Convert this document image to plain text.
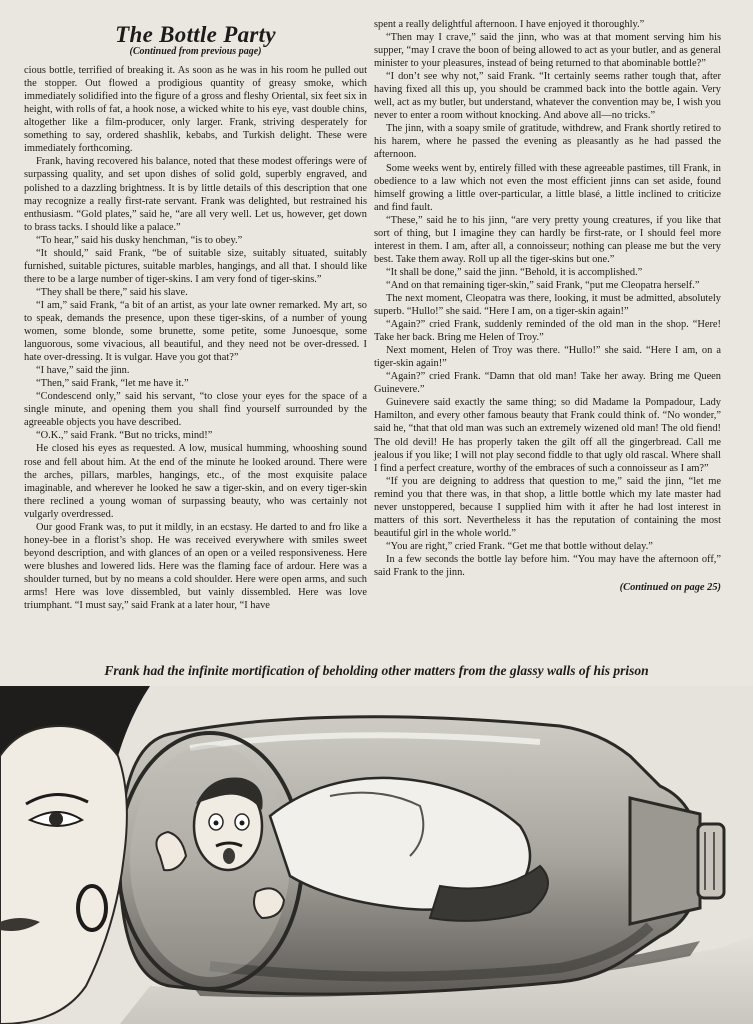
The Bottle Party
(Continued from previous page)

cious bottle, terrified of breaking it. As soon as he was in his room he pulled out the stopper. Out flowed a prodigious quantity of greasy smoke, which immediately solidified into the figure of a gross and fleshy Oriental, six feet six in height, with rolls of fat, a hook nose, a wicked white to his eye, vast double chins, altogether like a film-producer, only larger. Frank, striving desperately for something to say, ordered shashlik, kebabs, and Turkish delight. These were immediately forthcoming.

Frank, having recovered his balance, noted that these modest offerings were of surpassing quality, and set upon dishes of solid gold, superbly engraved, and polished to a dazzling brightness. It is by little details of this description that one may recognize a really first-rate servant. Frank was delighted, but restrained his enthusiasm. “Gold plates,” said he, “are all very well. Let us, however, get down to brass tacks. I should like a palace.”

“To hear,” said his dusky henchman, “is to obey.”

“It should,” said Frank, “be of suitable size, suitably situated, suitably furnished, suitable pictures, suitable marbles, hangings, and all that. I should like there to be a large number of tiger-skins. I am very fond of tiger-skins.”

“They shall be there,” said his slave.

“I am,” said Frank, “a bit of an artist, as your late owner remarked. My art, so to speak, demands the presence, upon these tiger-skins, of a number of young women, some blonde, some brunette, some petite, some Junoesque, some languorous, some vivacious, all beautiful, and they need not be over-dressed. I hate over-dressing. It is vulgar. Have you got that?”

“I have,” said the jinn.

“Then,” said Frank, “let me have it.”

“Condescend only,” said his servant, “to close your eyes for the space of a single minute, and opening them you shall find yourself surrounded by the agreeable objects you have described.

“O.K.,” said Frank. “But no tricks, mind!”

He closed his eyes as requested. A low, musical humming, whooshing sound rose and fell about him. At the end of the minute he looked around. There were the arches, pillars, marbles, hangings, etc., of the most exquisite palace imaginable, and wherever he looked he saw a tiger-skin, and on every tiger-skin there reclined a young woman of surpassing beauty, who was certainly not vulgarly overdressed.

Our good Frank was, to put it mildly, in an ecstasy. He darted to and fro like a honey-bee in a florist’s shop. He was received everywhere with smiles sweet beyond description, and with glances of an open or a veiled responsiveness. Here were blushes and lowered lids. Here was the flaming face of ardour. Here was a shoulder turned, but by no means a cold shoulder. Here were open arms, and such arms! Here was love dissembled, but vainly dissembled. Here was love triumphant. “I must say,” said Frank at a later hour, “I have

spent a really delightful afternoon. I have enjoyed it thoroughly.”

“Then may I crave,” said the jinn, who was at that moment serving him his supper, “may I crave the boon of being allowed to act as your butler, and as general minister to your pleasures, instead of being returned to that abominable bottle?”

“I don’t see why not,” said Frank. “It certainly seems rather tough that, after having fixed all this up, you should be crammed back into the bottle again. Very well, act as my butler, but understand, whatever the convention may be, I wish you never to enter a room without knocking. And above all—no tricks.”

The jinn, with a soapy smile of gratitude, withdrew, and Frank shortly retired to his harem, where he passed the evening as pleasantly as he had passed the afternoon.

Some weeks went by, entirely filled with these agreeable pastimes, till Frank, in obedience to a law which not even the most efficient jinns can set aside, found himself growing a little over-particular, a little blasé, a little inclined to criticize and find fault.

“These,” said he to his jinn, “are very pretty young creatures, if you like that sort of thing, but I imagine they can hardly be first-rate, or I should feel more interest in them. I am, after all, a connoisseur; nothing can please me but the very best. Take them away. Roll up all the tiger-skins but one.”

“It shall be done,” said the jinn. “Behold, it is accomplished.”

“And on that remaining tiger-skin,” said Frank, “put me Cleopatra herself.”

The next moment, Cleopatra was there, looking, it must be admitted, absolutely superb. “Hullo!” she said. “Here I am, on a tiger-skin again!”

“Again?” cried Frank, suddenly reminded of the old man in the shop. “Here! Take her back. Bring me Helen of Troy.”

Next moment, Helen of Troy was there. “Hullo!” she said. “Here I am, on a tiger-skin again!”

“Again?” cried Frank. “Damn that old man! Take her away. Bring me Queen Guinevere.”

Guinevere said exactly the same thing; so did Madame la Pompadour, Lady Hamilton, and every other famous beauty that Frank could think of. “No wonder,” said he, “that that old man was such an extremely wizened old man! The old fiend! The old devil! He has properly taken the gilt off all the gingerbread. Call me jealous if you like; I will not play second fiddle to that ugly old rascal. Where shall I find a perfect creature, worthy of the embraces of such a connoisseur as I am?”

“If you are deigning to address that question to me,” said the jinn, “let me remind you that there was, in that shop, a little bottle which my late master had never unstoppered, because I supplied him with it after he had lost interest in matters of this sort. Nevertheless it has the reputation of containing the most beautiful girl in the whole world.”

“You are right,” cried Frank. “Get me that bottle without delay.”

In a few seconds the bottle lay before him. “You may have the afternoon off,” said Frank to the jinn.

(Continued on page 25)
Frank had the infinite mortification of beholding other matters from the glassy walls of his prison
